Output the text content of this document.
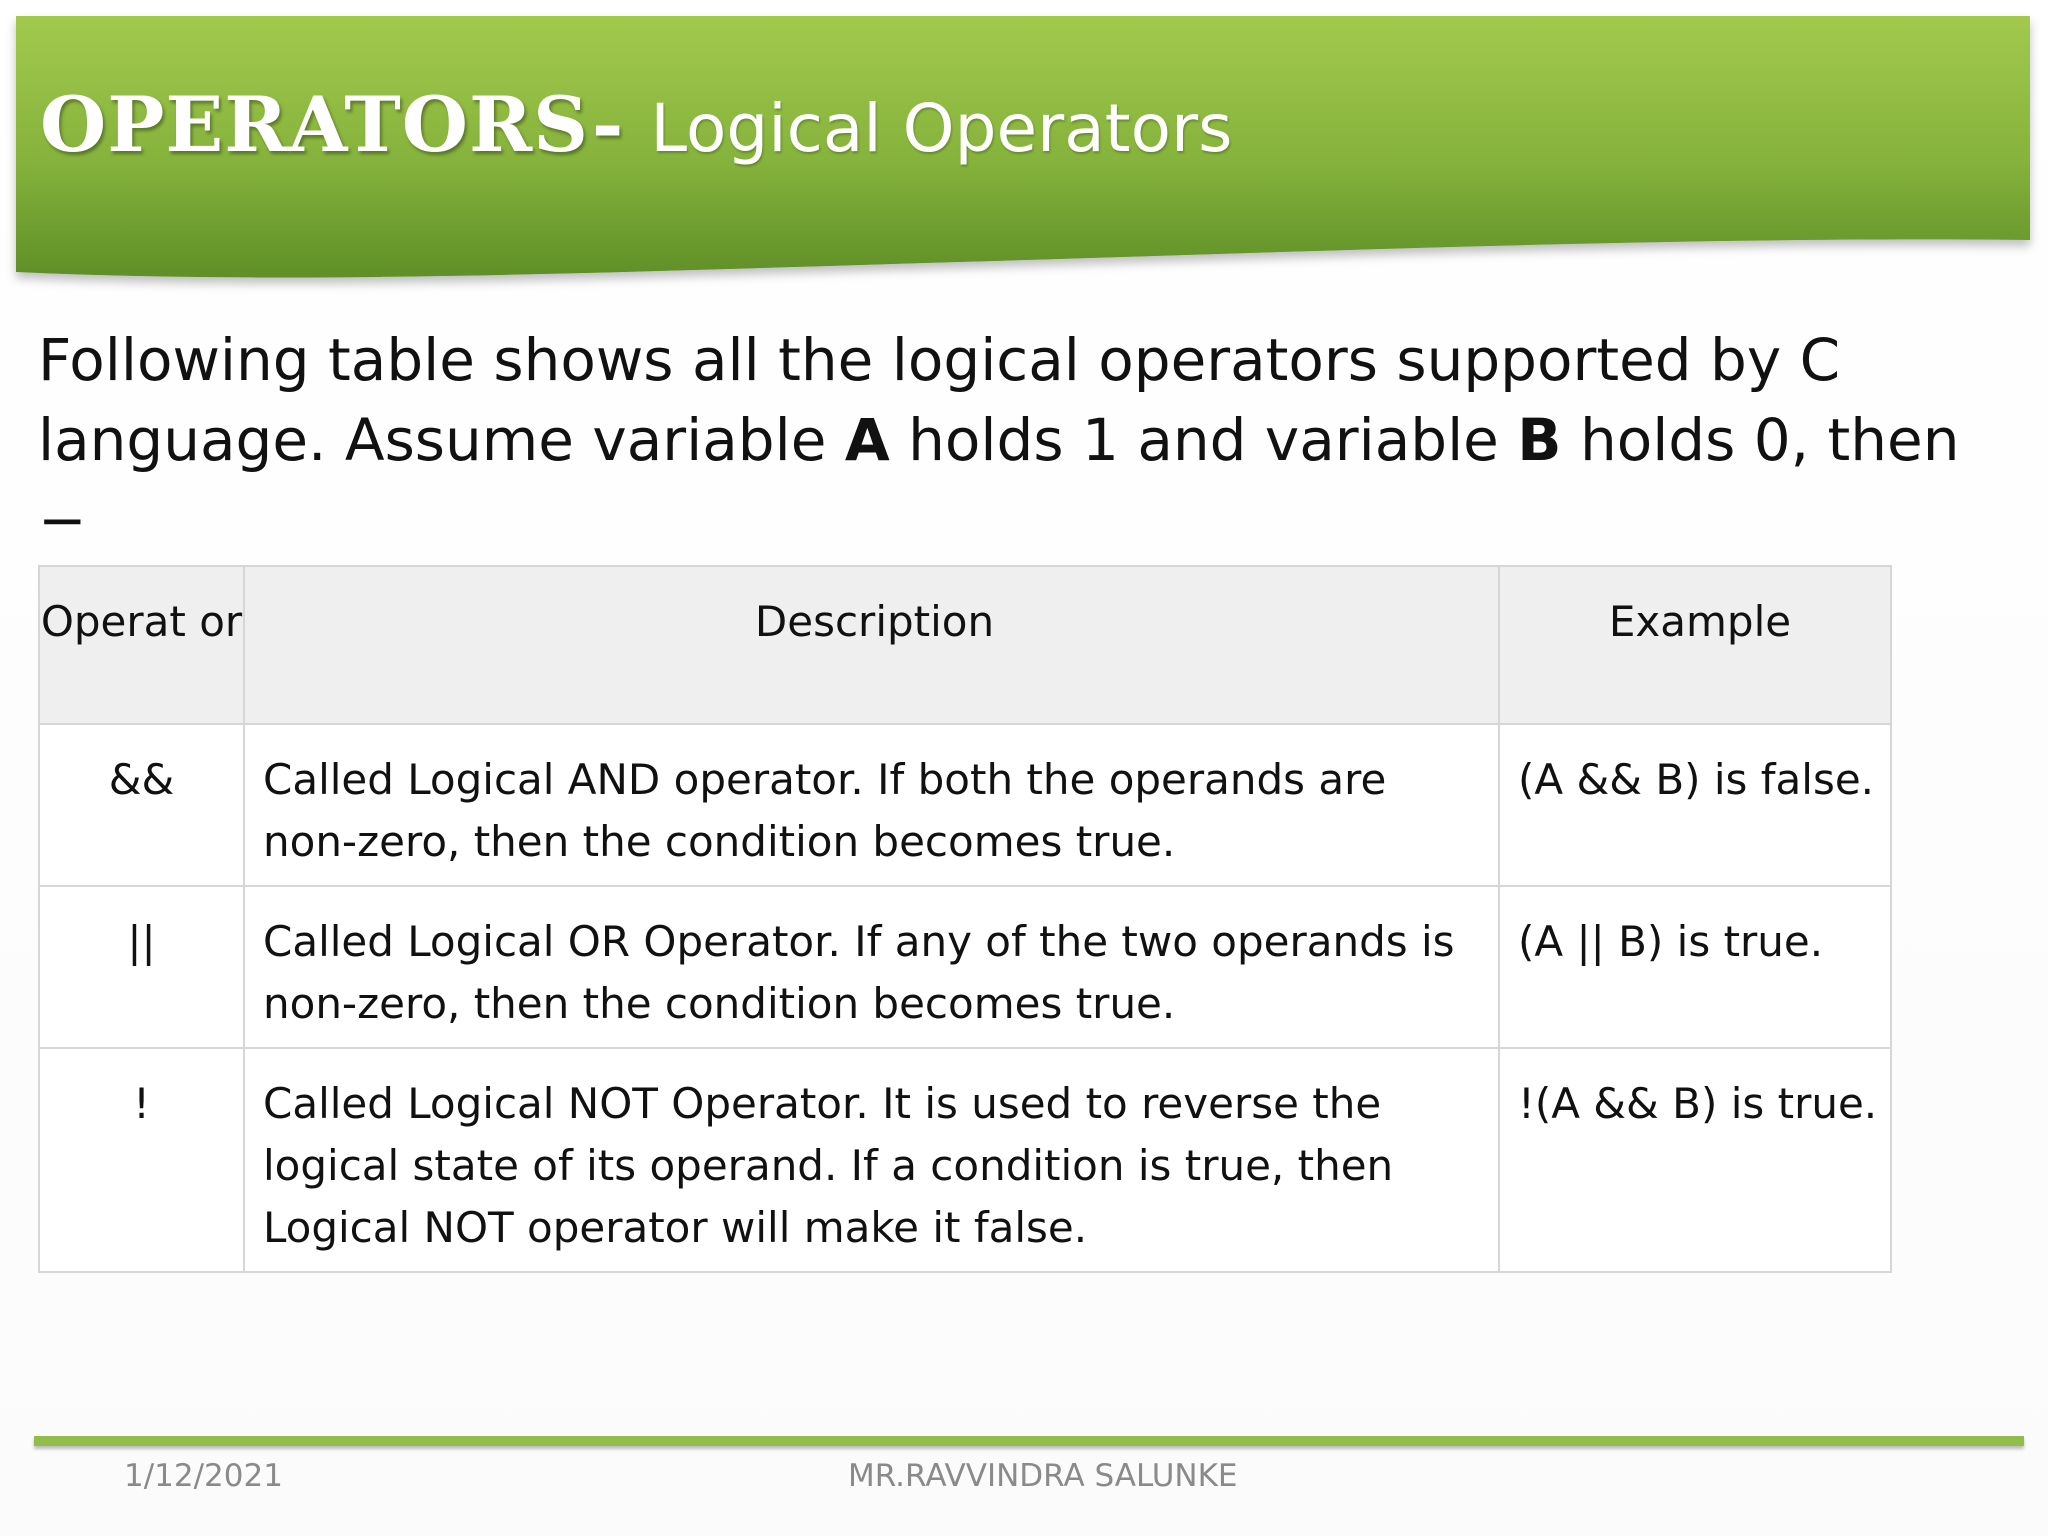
OPERATORS- Logical Operators

Following table shows all the logical operators supported by C language. Assume variable A holds 1 and variable B holds 0, then −

Operat or	Description	Example
&&	Called Logical AND operator. If both the operands are non-zero, then the condition becomes true.	(A && B) is false.
||	Called Logical OR Operator. If any of the two operands is non-zero, then the condition becomes true.	(A || B) is true.
!	Called Logical NOT Operator. It is used to reverse the logical state of its operand. If a condition is true, then Logical NOT operator will make it false.	!(A && B) is true.
1/12/2021	MR.RAVVINDRA SALUNKE
